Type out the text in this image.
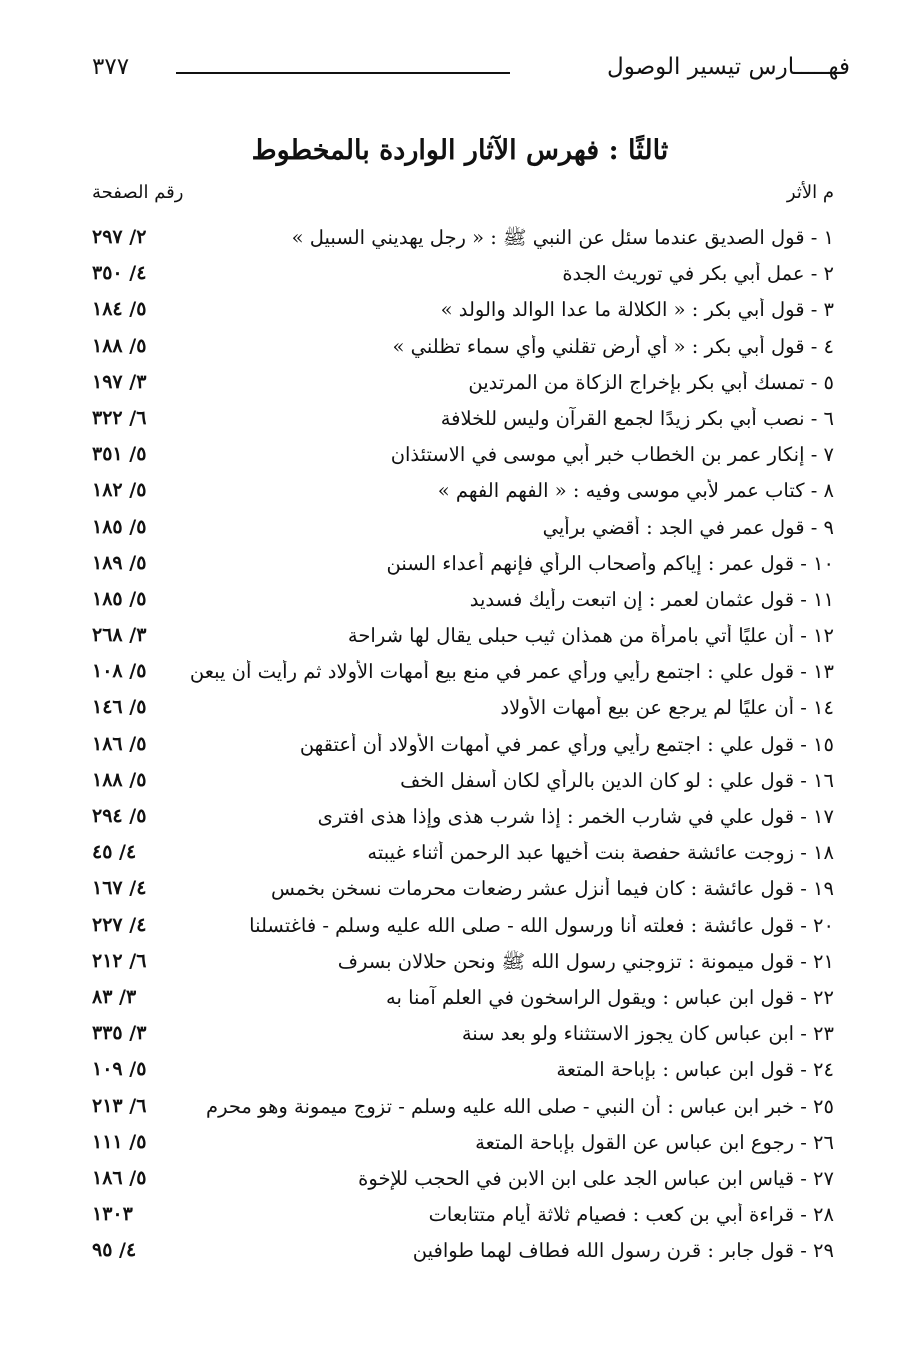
فهـــــارس تيسير الوصول
٣٧٧
ثالثًا : فهرس الآثار الواردة بالمخطوط
م الأثر
رقم الصفحة
١ - قول الصديق عندما سئل عن النبي ﷺ : « رجل يهديني السبيل »
٢/ ٢٩٧
٢ - عمل أبي بكر في توريث الجدة
٤/ ٣٥٠
٣ - قول أبي بكر : « الكلالة ما عدا الوالد والولد »
٥/ ١٨٤
٤ - قول أبي بكر : « أي أرض تقلني وأي سماء تظلني »
٥/ ١٨٨
٥ - تمسك أبي بكر بإخراج الزكاة من المرتدين
٣/ ١٩٧
٦ - نصب أبي بكر زيدًا لجمع القرآن وليس للخلافة
٦/ ٣٢٢
٧ - إنكار عمر بن الخطاب خبر أبي موسى في الاستئذان
٥/ ٣٥١
٨ - كتاب عمر لأبي موسى وفيه : « الفهم الفهم »
٥/ ١٨٢
٩ - قول عمر في الجد : أقضي برأيي
٥/ ١٨٥
١٠ - قول عمر : إياكم وأصحاب الرأي فإنهم أعداء السنن
٥/ ١٨٩
١١ - قول عثمان لعمر : إن اتبعت رأيك فسديد
٥/ ١٨٥
١٢ - أن عليًا أتي بامرأة من همذان ثيب حبلى يقال لها شراحة
٣/ ٢٦٨
١٣ - قول علي : اجتمع رأيي ورأي عمر في منع بيع أمهات الأولاد ثم رأيت أن يبعن
٥/ ١٠٨
١٤ - أن عليًا لم يرجع عن بيع أمهات الأولاد
٥/ ١٤٦
١٥ - قول علي : اجتمع رأيي ورأي عمر في أمهات الأولاد أن أعتقهن
٥/ ١٨٦
١٦ - قول علي : لو كان الدين بالرأي لكان أسفل الخف
٥/ ١٨٨
١٧ - قول علي في شارب الخمر : إذا شرب هذى وإذا هذى افترى
٥/ ٢٩٤
١٨ - زوجت عائشة حفصة بنت أخيها عبد الرحمن أثناء غيبته
٤/ ٤٥
١٩ - قول عائشة : كان فيما أنزل عشر رضعات محرمات نسخن بخمس
٤/ ١٦٧
٢٠ - قول عائشة : فعلته أنا ورسول الله - صلى الله عليه وسلم - فاغتسلنا
٤/ ٢٢٧
٢١ - قول ميمونة : تزوجني رسول الله ﷺ ونحن حلالان بسرف
٦/ ٢١٢
٢٢ - قول ابن عباس : ويقول الراسخون في العلم آمنا به
٣/ ٨٣
٢٣ - ابن عباس كان يجوز الاستثناء ولو بعد سنة
٣/ ٣٣٥
٢٤ - قول ابن عباس : بإباحة المتعة
٥/ ١٠٩
٢٥ - خبر ابن عباس : أن النبي - صلى الله عليه وسلم - تزوج ميمونة وهو محرم
٦/ ٢١٣
٢٦ - رجوع ابن عباس عن القول بإباحة المتعة
٥/ ١١١
٢٧ - قياس ابن عباس الجد على ابن الابن في الحجب للإخوة
٥/ ١٨٦
٢٨ - قراءة أبي بن كعب : فصيام ثلاثة أيام متتابعات
١٣٠٣
٢٩ - قول جابر : قرن رسول الله فطاف لهما طوافين
٤/ ٩٥
